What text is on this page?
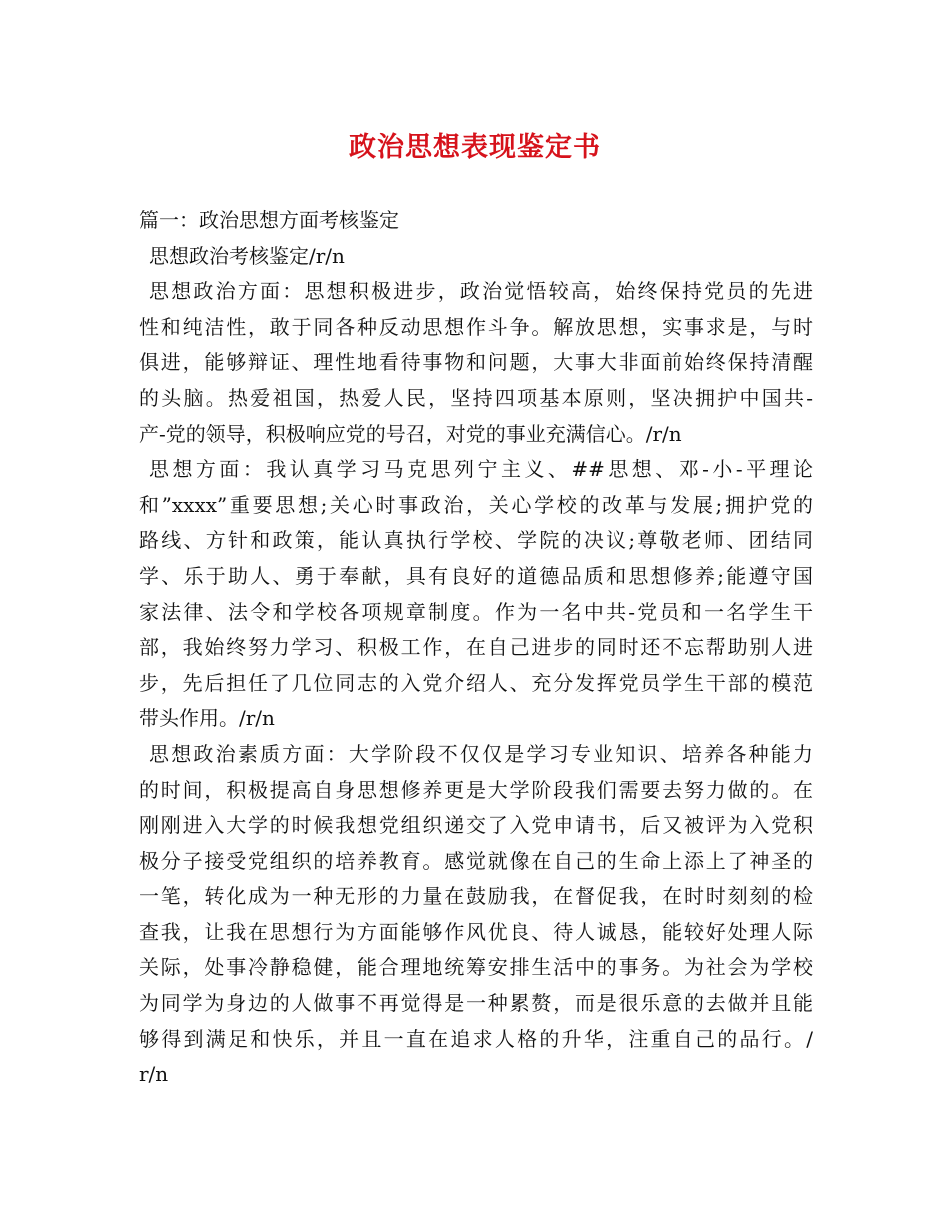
政治思想表现鉴定书
篇一：政治思想方面考核鉴定
思想政治考核鉴定/r/n
思想政治方面：思想积极进步，政治觉悟较高，始终保持党员的先进
性和纯洁性，敢于同各种反动思想作斗争。解放思想，实事求是，与时
俱进，能够辩证、理性地看待事物和问题，大事大非面前始终保持清醒
的头脑。热爱祖国，热爱人民，坚持四项基本原则，坚决拥护中国共-
产-党的领导，积极响应党的号召，对党的事业充满信心。/r/n
思想方面：我认真学习马克思列宁主义、##思想、邓-小-平理论
和”xxxx”重要思想;关心时事政治，关心学校的改革与发展;拥护党的
路线、方针和政策，能认真执行学校、学院的决议;尊敬老师、团结同
学、乐于助人、勇于奉献，具有良好的道德品质和思想修养;能遵守国
家法律、法令和学校各项规章制度。作为一名中共-党员和一名学生干
部，我始终努力学习、积极工作，在自己进步的同时还不忘帮助别人进
步，先后担任了几位同志的入党介绍人、充分发挥党员学生干部的模范
带头作用。/r/n
思想政治素质方面：大学阶段不仅仅是学习专业知识、培养各种能力
的时间，积极提高自身思想修养更是大学阶段我们需要去努力做的。在
刚刚进入大学的时候我想党组织递交了入党申请书，后又被评为入党积
极分子接受党组织的培养教育。感觉就像在自己的生命上添上了神圣的
一笔，转化成为一种无形的力量在鼓励我，在督促我，在时时刻刻的检
查我，让我在思想行为方面能够作风优良、待人诚恳，能较好处理人际
关际，处事冷静稳健，能合理地统筹安排生活中的事务。为社会为学校
为同学为身边的人做事不再觉得是一种累赘，而是很乐意的去做并且能
够得到满足和快乐，并且一直在追求人格的升华，注重自己的品行。/
r/n
